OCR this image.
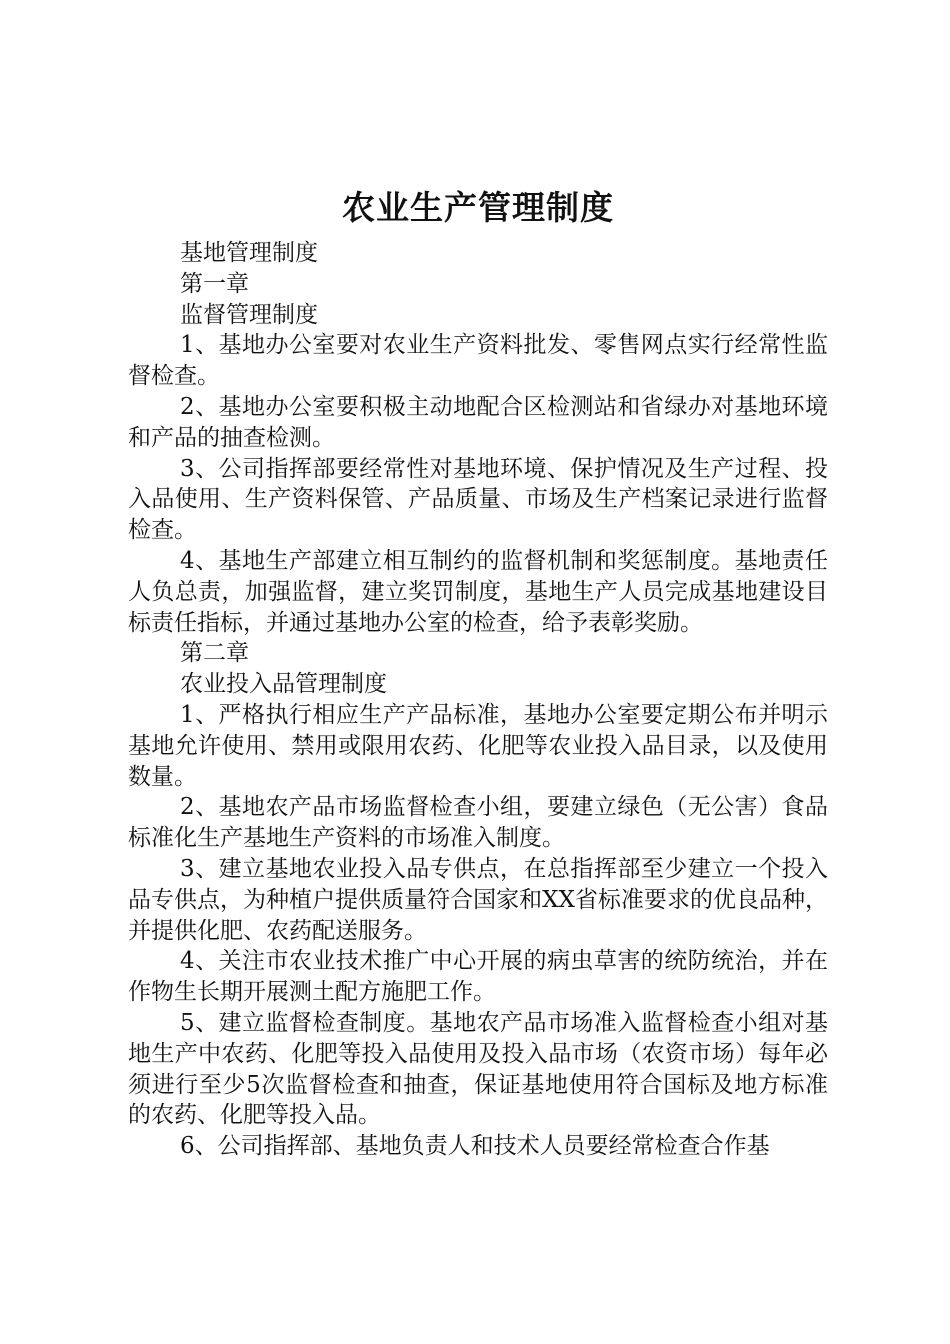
农业生产管理制度

基地管理制度

第一章

监督管理制度

1、基地办公室要对农业生产资料批发、零售网点实行经常性监督检查。

2、基地办公室要积极主动地配合区检测站和省绿办对基地环境和产品的抽查检测。

3、公司指挥部要经常性对基地环境、保护情况及生产过程、投入品使用、生产资料保管、产品质量、市场及生产档案记录进行监督检查。

4、基地生产部建立相互制约的监督机制和奖惩制度。基地责任人负总责，加强监督，建立奖罚制度，基地生产人员完成基地建设目标责任指标，并通过基地办公室的检查，给予表彰奖励。

第二章

农业投入品管理制度

1、严格执行相应生产产品标准，基地办公室要定期公布并明示基地允许使用、禁用或限用农药、化肥等农业投入品目录，以及使用数量。

2、基地农产品市场监督检查小组，要建立绿色（无公害）食品标准化生产基地生产资料的市场准入制度。

3、建立基地农业投入品专供点，在总指挥部至少建立一个投入品专供点，为种植户提供质量符合国家和XX省标准要求的优良品种，并提供化肥、农药配送服务。

4、关注市农业技术推广中心开展的病虫草害的统防统治，并在作物生长期开展测土配方施肥工作。

5、建立监督检查制度。基地农产品市场准入监督检查小组对基地生产中农药、化肥等投入品使用及投入品市场（农资市场）每年必须进行至少5次监督检查和抽查，保证基地使用符合国标及地方标准的农药、化肥等投入品。

6、公司指挥部、基地负责人和技术人员要经常检查合作基
